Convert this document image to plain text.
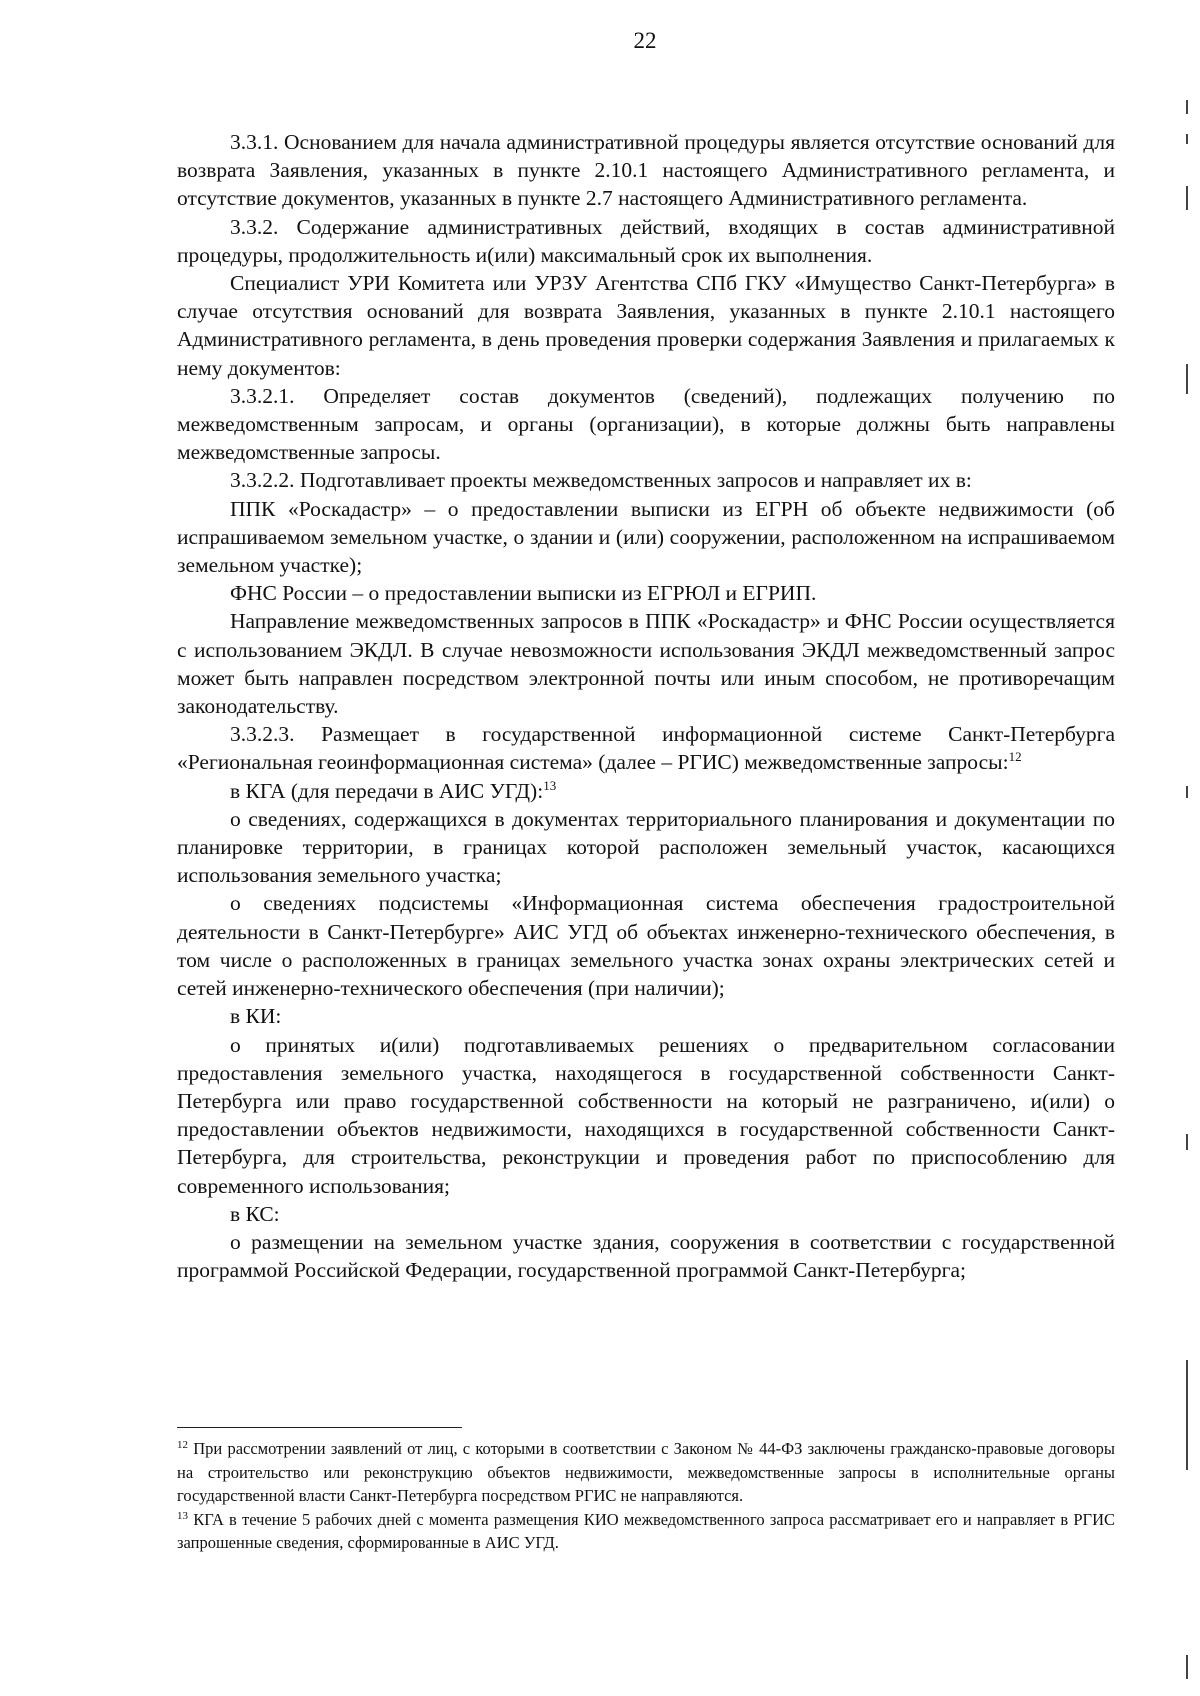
22

3.3.1. Основанием для начала административной процедуры является отсутствие оснований для возврата Заявления, указанных в пункте 2.10.1 настоящего Административного регламента, и отсутствие документов, указанных в пункте 2.7 настоящего Административного регламента.

3.3.2. Содержание административных действий, входящих в состав административной процедуры, продолжительность и(или) максимальный срок их выполнения.

Специалист УРИ Комитета или УРЗУ Агентства СПб ГКУ «Имущество Санкт-Петербурга» в случае отсутствия оснований для возврата Заявления, указанных в пункте 2.10.1 настоящего Административного регламента, в день проведения проверки содержания Заявления и прилагаемых к нему документов:

3.3.2.1. Определяет состав документов (сведений), подлежащих получению по межведомственным запросам, и органы (организации), в которые должны быть направлены межведомственные запросы.

3.3.2.2. Подготавливает проекты межведомственных запросов и направляет их в:

ППК «Роскадастр» – о предоставлении выписки из ЕГРН об объекте недвижимости (об испрашиваемом земельном участке, о здании и (или) сооружении, расположенном на испрашиваемом земельном участке);

ФНС России – о предоставлении выписки из ЕГРЮЛ и ЕГРИП.

Направление межведомственных запросов в ППК «Роскадастр» и ФНС России осуществляется с использованием ЭКДЛ. В случае невозможности использования ЭКДЛ межведомственный запрос может быть направлен посредством электронной почты или иным способом, не противоречащим законодательству.

3.3.2.3. Размещает в государственной информационной системе Санкт-Петербурга «Региональная геоинформационная система» (далее – РГИС) межведомственные запросы:$^{12}$

в КГА (для передачи в АИС УГД):$^{13}$

о сведениях, содержащихся в документах территориального планирования и документации по планировке территории, в границах которой расположен земельный участок, касающихся использования земельного участка;

о сведениях подсистемы «Информационная система обеспечения градостроительной деятельности в Санкт-Петербурге» АИС УГД об объектах инженерно-технического обеспечения, в том числе о расположенных в границах земельного участка зонах охраны электрических сетей и сетей инженерно-технического обеспечения (при наличии);

в КИ:

о принятых и(или) подготавливаемых решениях о предварительном согласовании предоставления земельного участка, находящегося в государственной собственности Санкт-Петербурга или право государственной собственности на который не разграничено, и(или) о предоставлении объектов недвижимости, находящихся в государственной собственности Санкт-Петербурга, для строительства, реконструкции и проведения работ по приспособлению для современного использования;

в КС:

о размещении на земельном участке здания, сооружения в соответствии с государственной программой Российской Федерации, государственной программой Санкт-Петербурга;

$^{12}$ При рассмотрении заявлений от лиц, с которыми в соответствии с Законом № 44-ФЗ заключены гражданско-правовые договоры на строительство или реконструкцию объектов недвижимости, межведомственные запросы в исполнительные органы государственной власти Санкт-Петербурга посредством РГИС не направляются.

$^{13}$ КГА в течение 5 рабочих дней с момента размещения КИО межведомственного запроса рассматривает его и направляет в РГИС запрошенные сведения, сформированные в АИС УГД.
